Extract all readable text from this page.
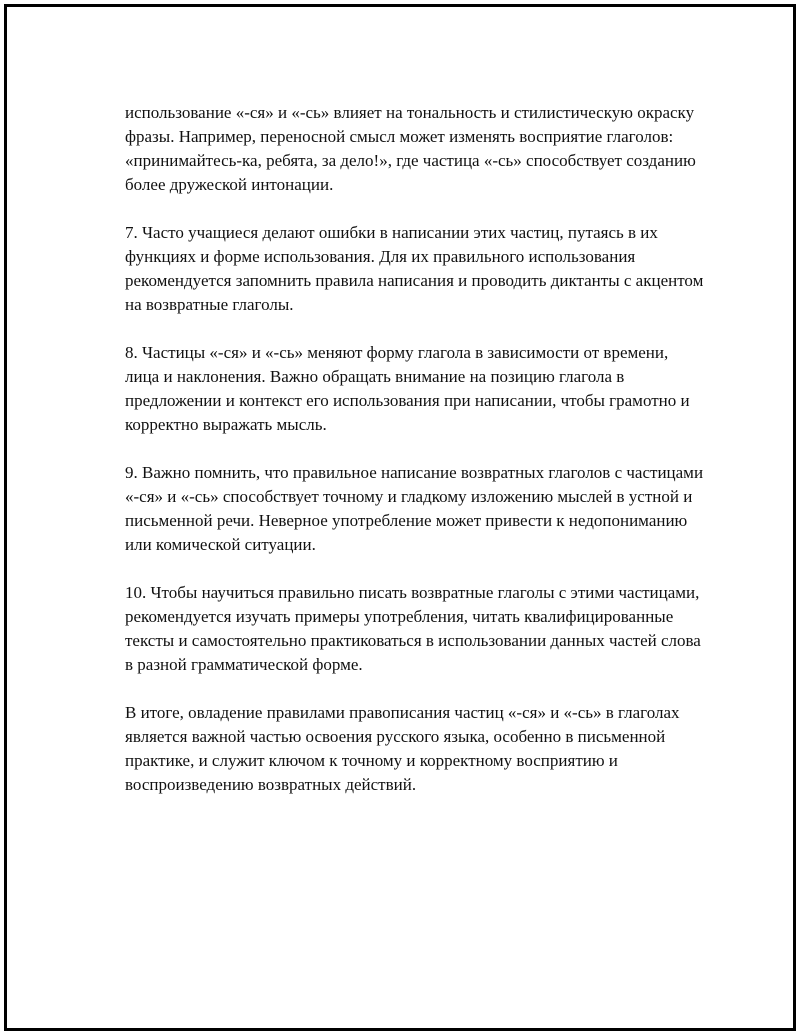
использование «-ся» и «-сь» влияет на тональность и стилистическую окраску фразы. Например, переносной смысл может изменять восприятие глаголов: «принимайтесь-ка, ребята, за дело!», где частица «-сь» способствует созданию более дружеской интонации.

7. Часто учащиеся делают ошибки в написании этих частиц, путаясь в их функциях и форме использования. Для их правильного использования рекомендуется запомнить правила написания и проводить диктанты с акцентом на возвратные глаголы.

8. Частицы «-ся» и «-сь» меняют форму глагола в зависимости от времени, лица и наклонения. Важно обращать внимание на позицию глагола в предложении и контекст его использования при написании, чтобы грамотно и корректно выражать мысль.

9. Важно помнить, что правильное написание возвратных глаголов с частицами «-ся» и «-сь» способствует точному и гладкому изложению мыслей в устной и письменной речи. Неверное употребление может привести к недопониманию или комической ситуации.

10. Чтобы научиться правильно писать возвратные глаголы с этими частицами, рекомендуется изучать примеры употребления, читать квалифицированные тексты и самостоятельно практиковаться в использовании данных частей слова в разной грамматической форме.

В итоге, овладение правилами правописания частиц «-ся» и «-сь» в глаголах является важной частью освоения русского языка, особенно в письменной практике, и служит ключом к точному и корректному восприятию и воспроизведению возвратных действий.
